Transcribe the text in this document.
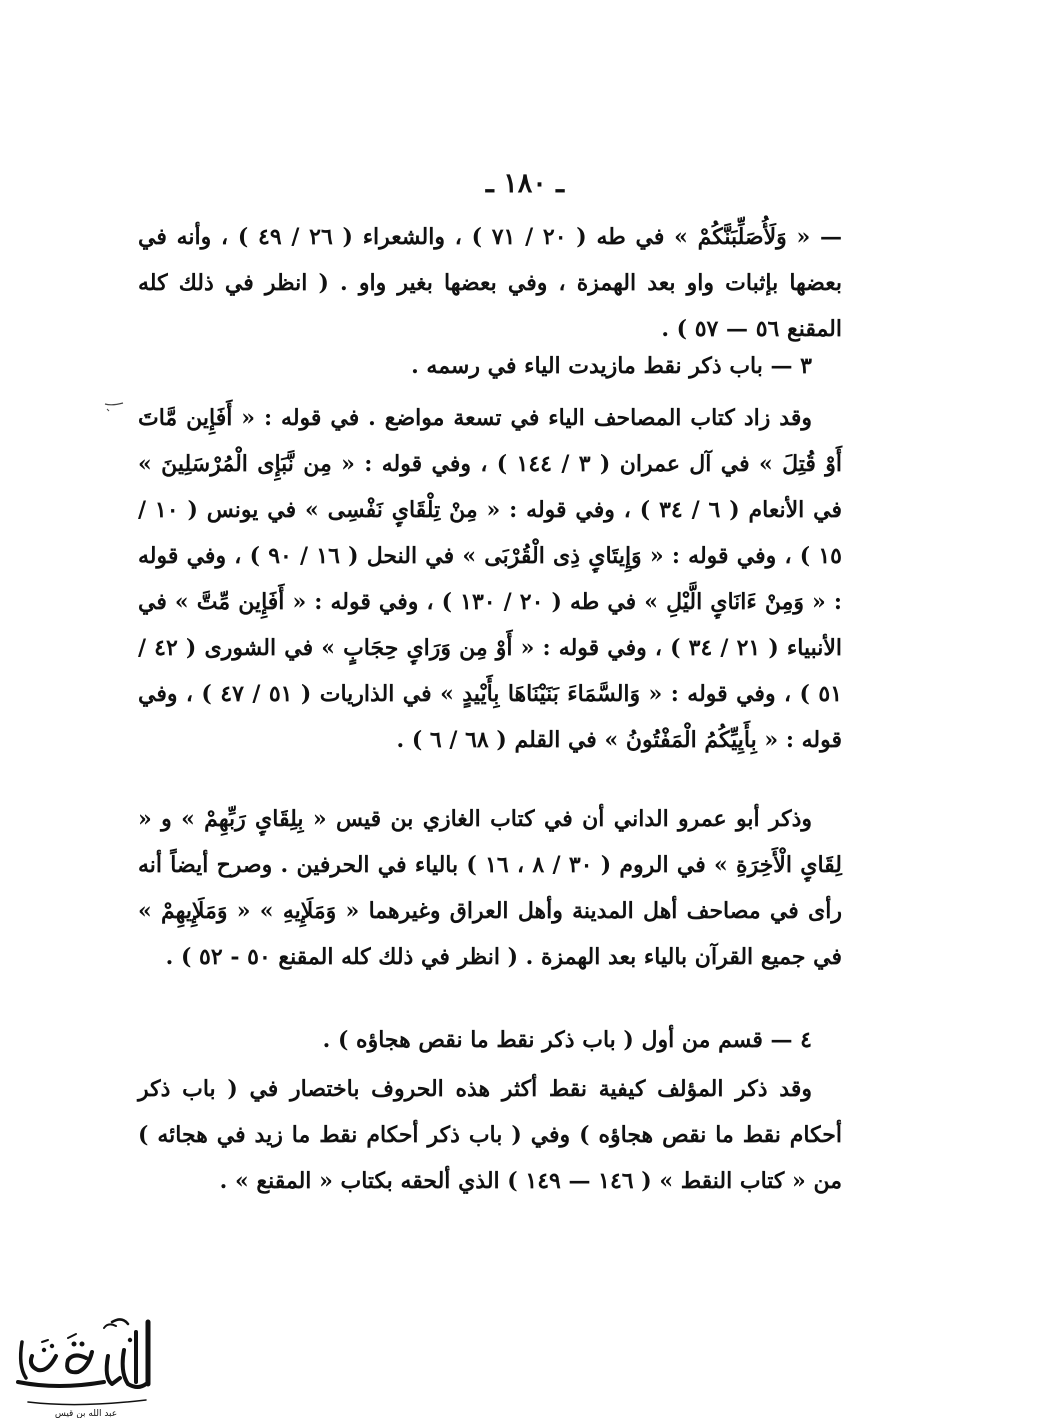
ـ ١٨٠ ـ

— « وَلَأُصَلِّبَنَّكُمْ » في طه ( ٢٠ / ٧١ ) ، والشعراء ( ٢٦ / ٤٩ ) ، وأنه في بعضها بإثبات واو بعد الهمزة ، وفي بعضها بغير واو . ( انظر في ذلك كله المقنع ٥٦ — ٥٧ ) .

٣ — باب ذكر نقط مازيدت الياء في رسمه .

وقد زاد كتاب المصاحف الياء في تسعة مواضع . في قوله : « أَفَإِين مَّاتَ أَوْ قُتِلَ » في آل عمران ( ٣ / ١٤٤ ) ، وفي قوله : « مِن نَّبَإِى الْمُرْسَلِينَ » في الأنعام ( ٦ / ٣٤ ) ، وفي قوله : « مِنْ تِلْقَاىِٕ نَفْسِى » في يونس ( ١٠ / ١٥ ) ، وفي قوله : « وَإِيتَاىِٕ ذِى الْقُرْبَى » في النحل ( ١٦ / ٩٠ ) ، وفي قوله : « وَمِنْ ءَانَاىِٕ الَّيْلِ » في طه ( ٢٠ / ١٣٠ ) ، وفي قوله : « أَفَإِين مِّتَّ » في الأنبياء ( ٢١ / ٣٤ ) ، وفي قوله : « أَوْ مِن وَرَاىِٕ حِجَابٍ » في الشورى ( ٤٢ / ٥١ ) ، وفي قوله : « وَالسَّمَاءَ بَنَيْنَاهَا بِأَيْيدٍ » في الذاريات ( ٥١ / ٤٧ ) ، وفي قوله : « بِأَيِيِّكُمُ الْمَفْتُونُ » في القلم ( ٦٨ / ٦ ) .

وذكر أبو عمرو الداني أن في كتاب الغازي بن قيس « بِلِقَاىِٕ رَبِّهِمْ » و « لِقَاىِٕ الْأَخِرَةِ » في الروم ( ٣٠ / ٨ ، ١٦ ) بالياء في الحرفين . وصرح أيضاً أنه رأى في مصاحف أهل المدينة وأهل العراق وغيرهما « وَمَلَإِيهِ » « وَمَلَإِيهِمْ » في جميع القرآن بالياء بعد الهمزة . ( انظر في ذلك كله المقنع ٥٠ - ٥٢ ) .

٤ — قسم من أول ( باب ذكر نقط ما نقص هجاؤه ) .

وقد ذكر المؤلف كيفية نقط أكثر هذه الحروف باختصار في ( باب ذكر أحكام نقط ما نقص هجاؤه ) وفي ( باب ذكر أحكام نقط ما زيد في هجائه ) من « كتاب النقط » ( ١٤٦ — ١٤٩ ) الذي ألحقه بكتاب « المقنع » .

عبد الله بن قيس
